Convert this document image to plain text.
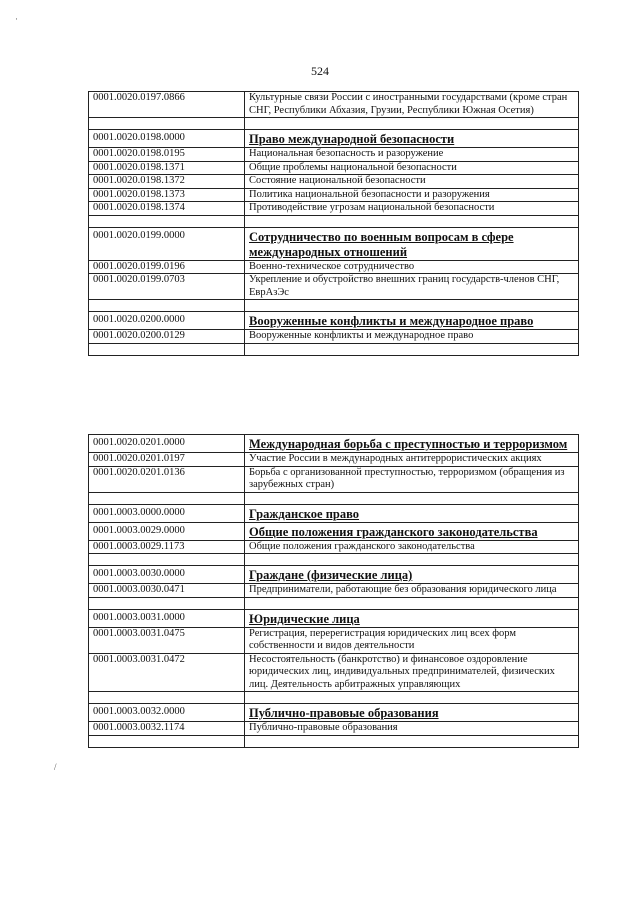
·
/
524
0001.0020.0197.0866	Культурные связи России с иностранными государствами (кроме стран СНГ, Республики Абхазия, Грузии, Республики Южная Осетия)

0001.0020.0198.0000	Право международной безопасности
0001.0020.0198.0195	Национальная безопасность и разоружение
0001.0020.0198.1371	Общие проблемы национальной безопасности
0001.0020.0198.1372	Состояние национальной безопасности
0001.0020.0198.1373	Политика национальной безопасности и разоружения
0001.0020.0198.1374	Противодействие угрозам национальной безопасности

0001.0020.0199.0000	Сотрудничество по военным вопросам в сфере международных отношений
0001.0020.0199.0196	Военно-техническое сотрудничество
0001.0020.0199.0703	Укрепление и обустройство внешних границ государств-членов СНГ, ЕврАзЭс

0001.0020.0200.0000	Вооруженные конфликты и международное право
0001.0020.0200.0129	Вооруженные конфликты и международное право

0001.0020.0201.0000	Международная борьба с преступностью и терроризмом
0001.0020.0201.0197	Участие России в международных антитеррористических акциях
0001.0020.0201.0136	Борьба с организованной преступностью, терроризмом (обращения из зарубежных стран)

0001.0003.0000.0000	Гражданское право
0001.0003.0029.0000	Общие положения гражданского законодательства
0001.0003.0029.1173	Общие положения гражданского законодательства

0001.0003.0030.0000	Граждане (физические лица)
0001.0003.0030.0471	Предприниматели, работающие без образования юридического лица

0001.0003.0031.0000	Юридические лица
0001.0003.0031.0475	Регистрация, перерегистрация юридических лиц всех форм собственности и видов деятельности
0001.0003.0031.0472	Несостоятельность (банкротство) и финансовое оздоровление юридических лиц, индивидуальных предпринимателей, физических лиц. Деятельность арбитражных управляющих

0001.0003.0032.0000	Публично-правовые образования
0001.0003.0032.1174	Публично-правовые образования
